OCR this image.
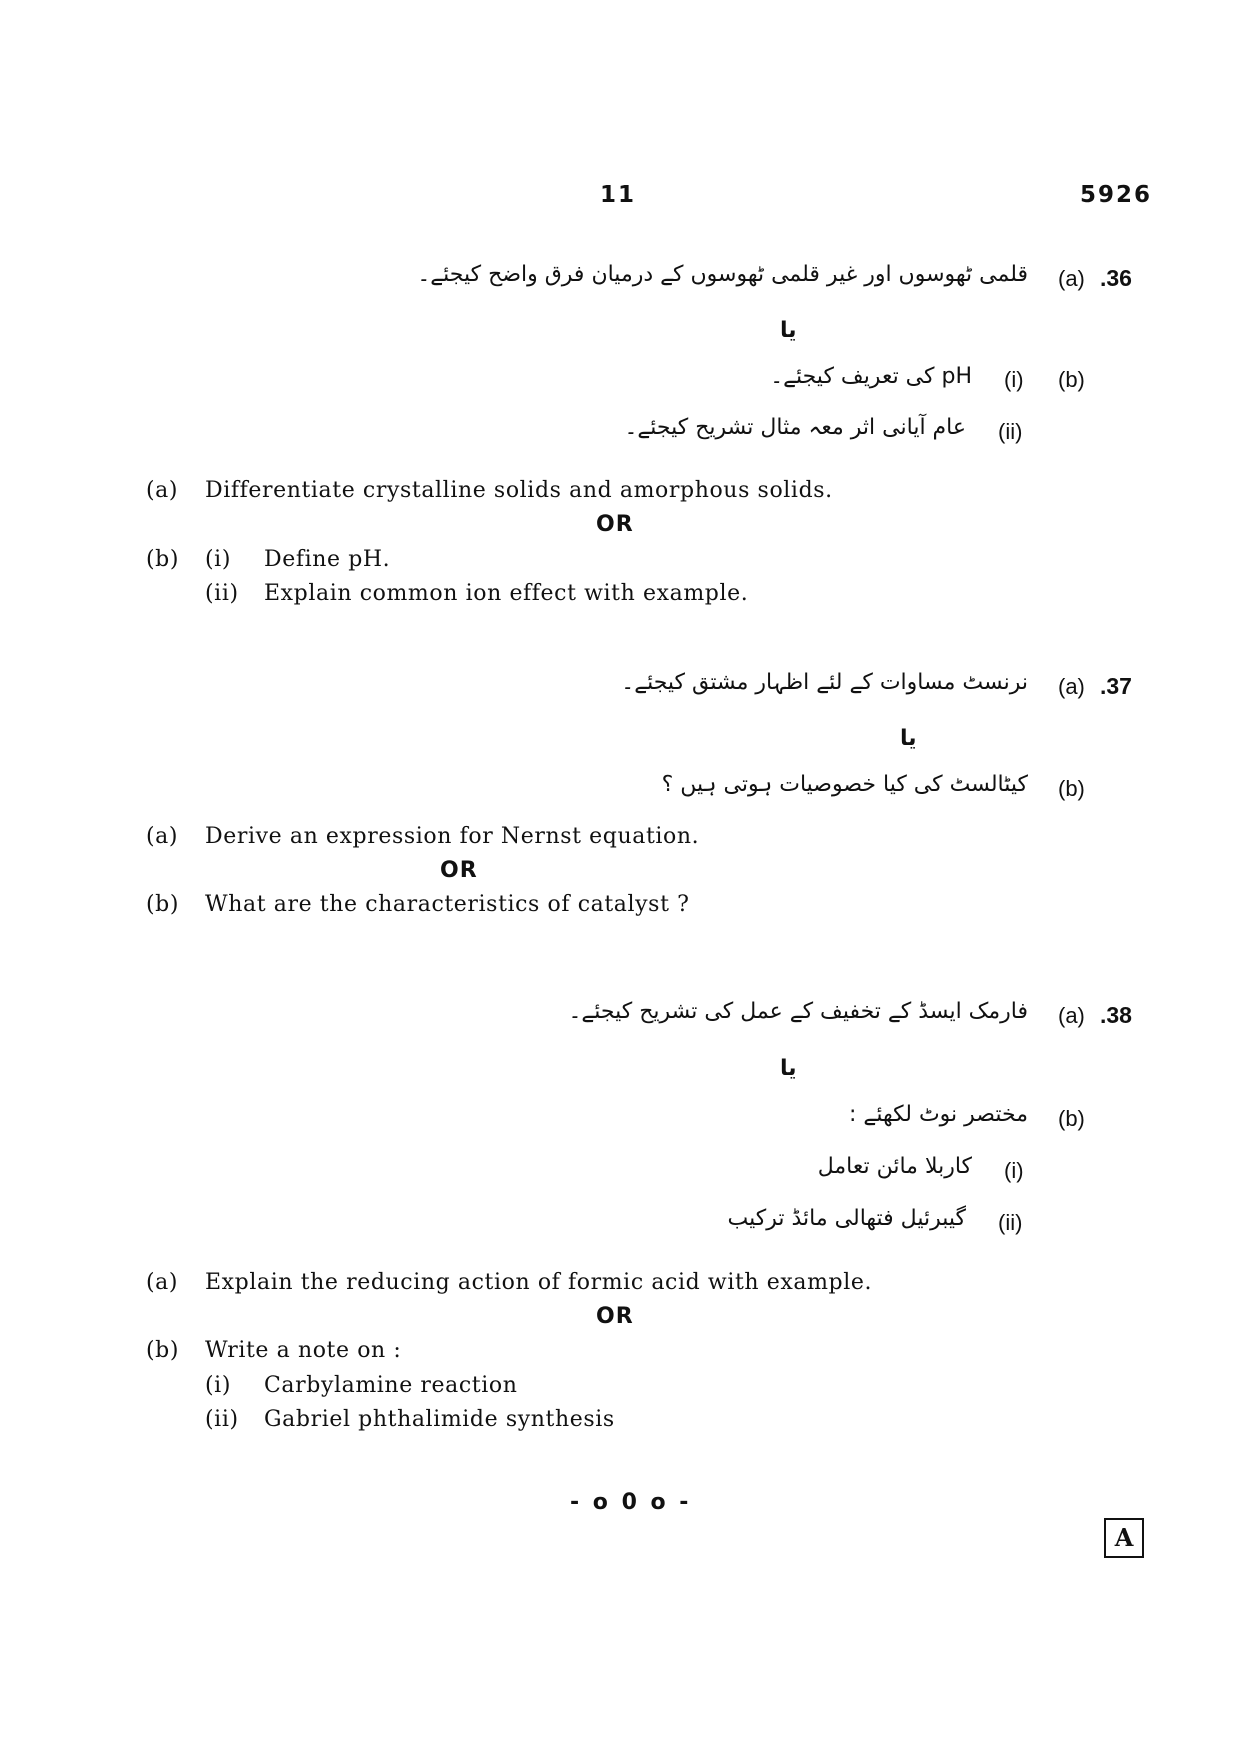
11	5926
.36
(a)
قلمی ٹھوسوں اور غیر قلمی ٹھوسوں کے درمیان فرق واضح کیجئے۔
یا
(b)
(i)
pH کی تعریف کیجئے۔
(ii)
عام آیانی اثر معہ مثال تشریح کیجئے۔
(a) Differentiate crystalline solids and amorphous solids.
OR
(b) (i) Define pH.
(ii) Explain common ion effect with example.
.37
(a)
نرنسٹ مساوات کے لئے اظہار مشتق کیجئے۔
یا
(b)
کیٹالسٹ کی کیا خصوصیات ہوتی ہیں ؟
(a) Derive an expression for Nernst equation.
OR
(b) What are the characteristics of catalyst ?
.38
(a)
فارمک ایسڈ کے تخفیف کے عمل کی تشریح کیجئے۔
یا
(b)
مختصر نوٹ لکھئے :
(i)
کاربلا مائن تعامل
(ii)
گیبرئیل فتھالی مائڈ ترکیب
(a) Explain the reducing action of formic acid with example.
OR
(b) Write a note on :
(i) Carbylamine reaction
(ii) Gabriel phthalimide synthesis
- o 0 o -
A
